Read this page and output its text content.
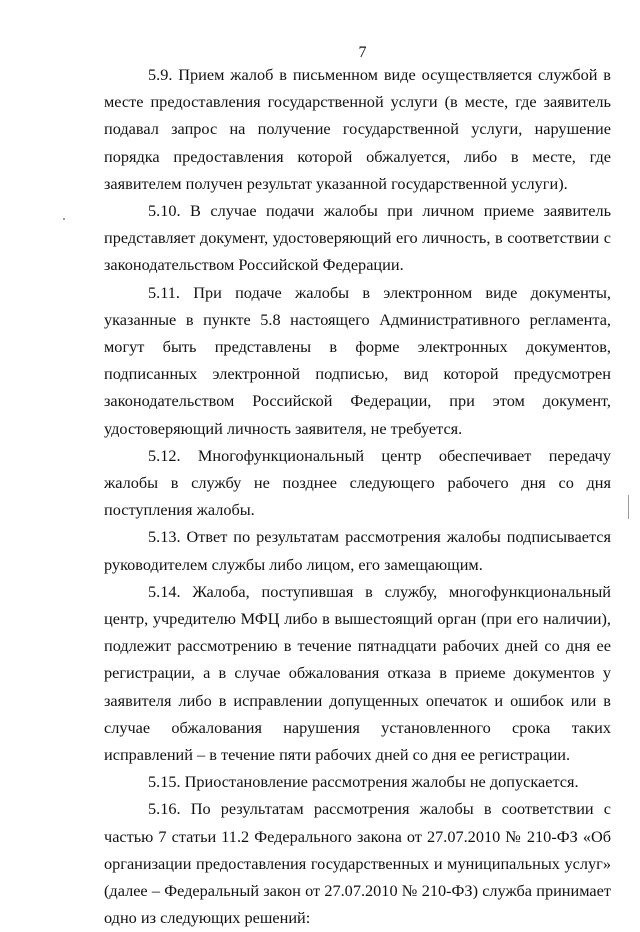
7

5.9. Прием жалоб в письменном виде осуществляется службой в месте предоставления государственной услуги (в месте, где заявитель подавал запрос на получение государственной услуги, нарушение порядка предоставления которой обжалуется, либо в месте, где заявителем получен результат указанной государственной услуги).

5.10. В случае подачи жалобы при личном приеме заявитель представляет документ, удостоверяющий его личность, в соответствии с законодательством Российской Федерации.

5.11. При подаче жалобы в электронном виде документы, указанные в пункте 5.8 настоящего Административного регламента, могут быть представлены в форме электронных документов, подписанных электронной подписью, вид которой предусмотрен законодательством Российской Федерации, при этом документ, удостоверяющий личность заявителя, не требуется.

5.12. Многофункциональный центр обеспечивает передачу жалобы в службу не позднее следующего рабочего дня со дня поступления жалобы.

5.13. Ответ по результатам рассмотрения жалобы подписывается руководителем службы либо лицом, его замещающим.

5.14. Жалоба, поступившая в службу, многофункциональный центр, учредителю МФЦ либо в вышестоящий орган (при его наличии), подлежит рассмотрению в течение пятнадцати рабочих дней со дня ее регистрации, а в случае обжалования отказа в приеме документов у заявителя либо в исправлении допущенных опечаток и ошибок или в случае обжалования нарушения установленного срока таких исправлений – в течение пяти рабочих дней со дня ее регистрации.

5.15. Приостановление рассмотрения жалобы не допускается.

5.16. По результатам рассмотрения жалобы в соответствии с частью 7 статьи 11.2 Федерального закона от 27.07.2010 № 210-ФЗ «Об организации предоставления государственных и муниципальных услуг» (далее – Федеральный закон от 27.07.2010 № 210-ФЗ) служба принимает одно из следующих решений:
